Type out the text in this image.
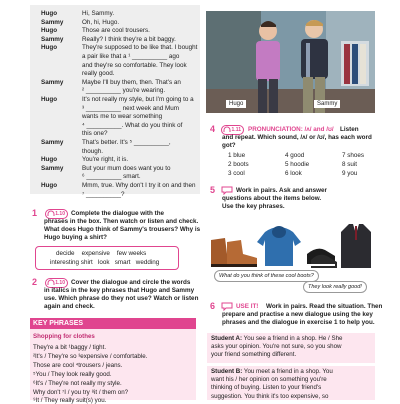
Hugo	Hi, Sammy.
Sammy	Oh, hi, Hugo.
Hugo	Those are cool trousers.
Sammy	Really? I think they're a bit baggy.
Hugo	They're supposed to be like that. I bought
a pair like that a ¹ __________ ago
and they're so comfortable. They look
really good.
Sammy	Maybe I'll buy them, then. That's an
² __________ you're wearing.
Hugo	It's not really my style, but I'm going to a
³ __________ next week and Mum
wants me to wear something
⁴ __________. What do you think of
this one?
Sammy	That's better. It's ⁵ __________,
though.
Hugo	You're right, it is.
Sammy	But your mum does want you to
⁶ __________ smart.
Hugo	Mmm, true. Why don't I try it on and then
⁷ __________?
Hugo	Sammy
1	1.10 Complete the dialogue with the
phrases in the box. Then watch or listen and check.
What does Hugo think of Sammy's trousers? Why is
Hugo buying a shirt?
decide expensive few weeks
interesting shirt look smart wedding
2	1.10 Cover the dialogue and circle the words
in italics in the key phrases that Hugo and Sammy
use. Which phrase do they not use? Watch or listen
again and check.
Shopping for clothes
They're a bit ¹baggy / tight.
²It's / They're so ³expensive / comfortable.
Those are cool ⁴trousers / jeans.
⁵You / They look really good.
⁶It's / They're not really my style.
Why don't ⁷I / you try ⁸it / them on?
⁹It / They really suit(s) you.
KEY PHRASES
4	1.11 PRONUNCIATION: /ʌ/ and /ʊ/ Listen
and repeat. Which sound, /ʌ/ or /ʊ/, has each word
got?
1 blue	4 good	7 shoes
2 boots	5 hoodie	8 suit
3 cool	6 look	9 you
5	Work in pairs. Ask and answer
questions about the items below.
Use the key phrases.
What do you think of these cool boots?
They look really good!
6	USE IT! Work in pairs. Read the situation. Then
prepare and practise a new dialogue using the key
phrases and the dialogue in exercise 1 to help you.
Student A: You see a friend in a shop. He / She
asks your opinion. You're not sure, so you show
your friend something different.
Student B: You meet a friend in a shop. You
want his / her opinion on something you're
thinking of buying. Listen to your friend's
suggestion. You think it's too expensive, so
